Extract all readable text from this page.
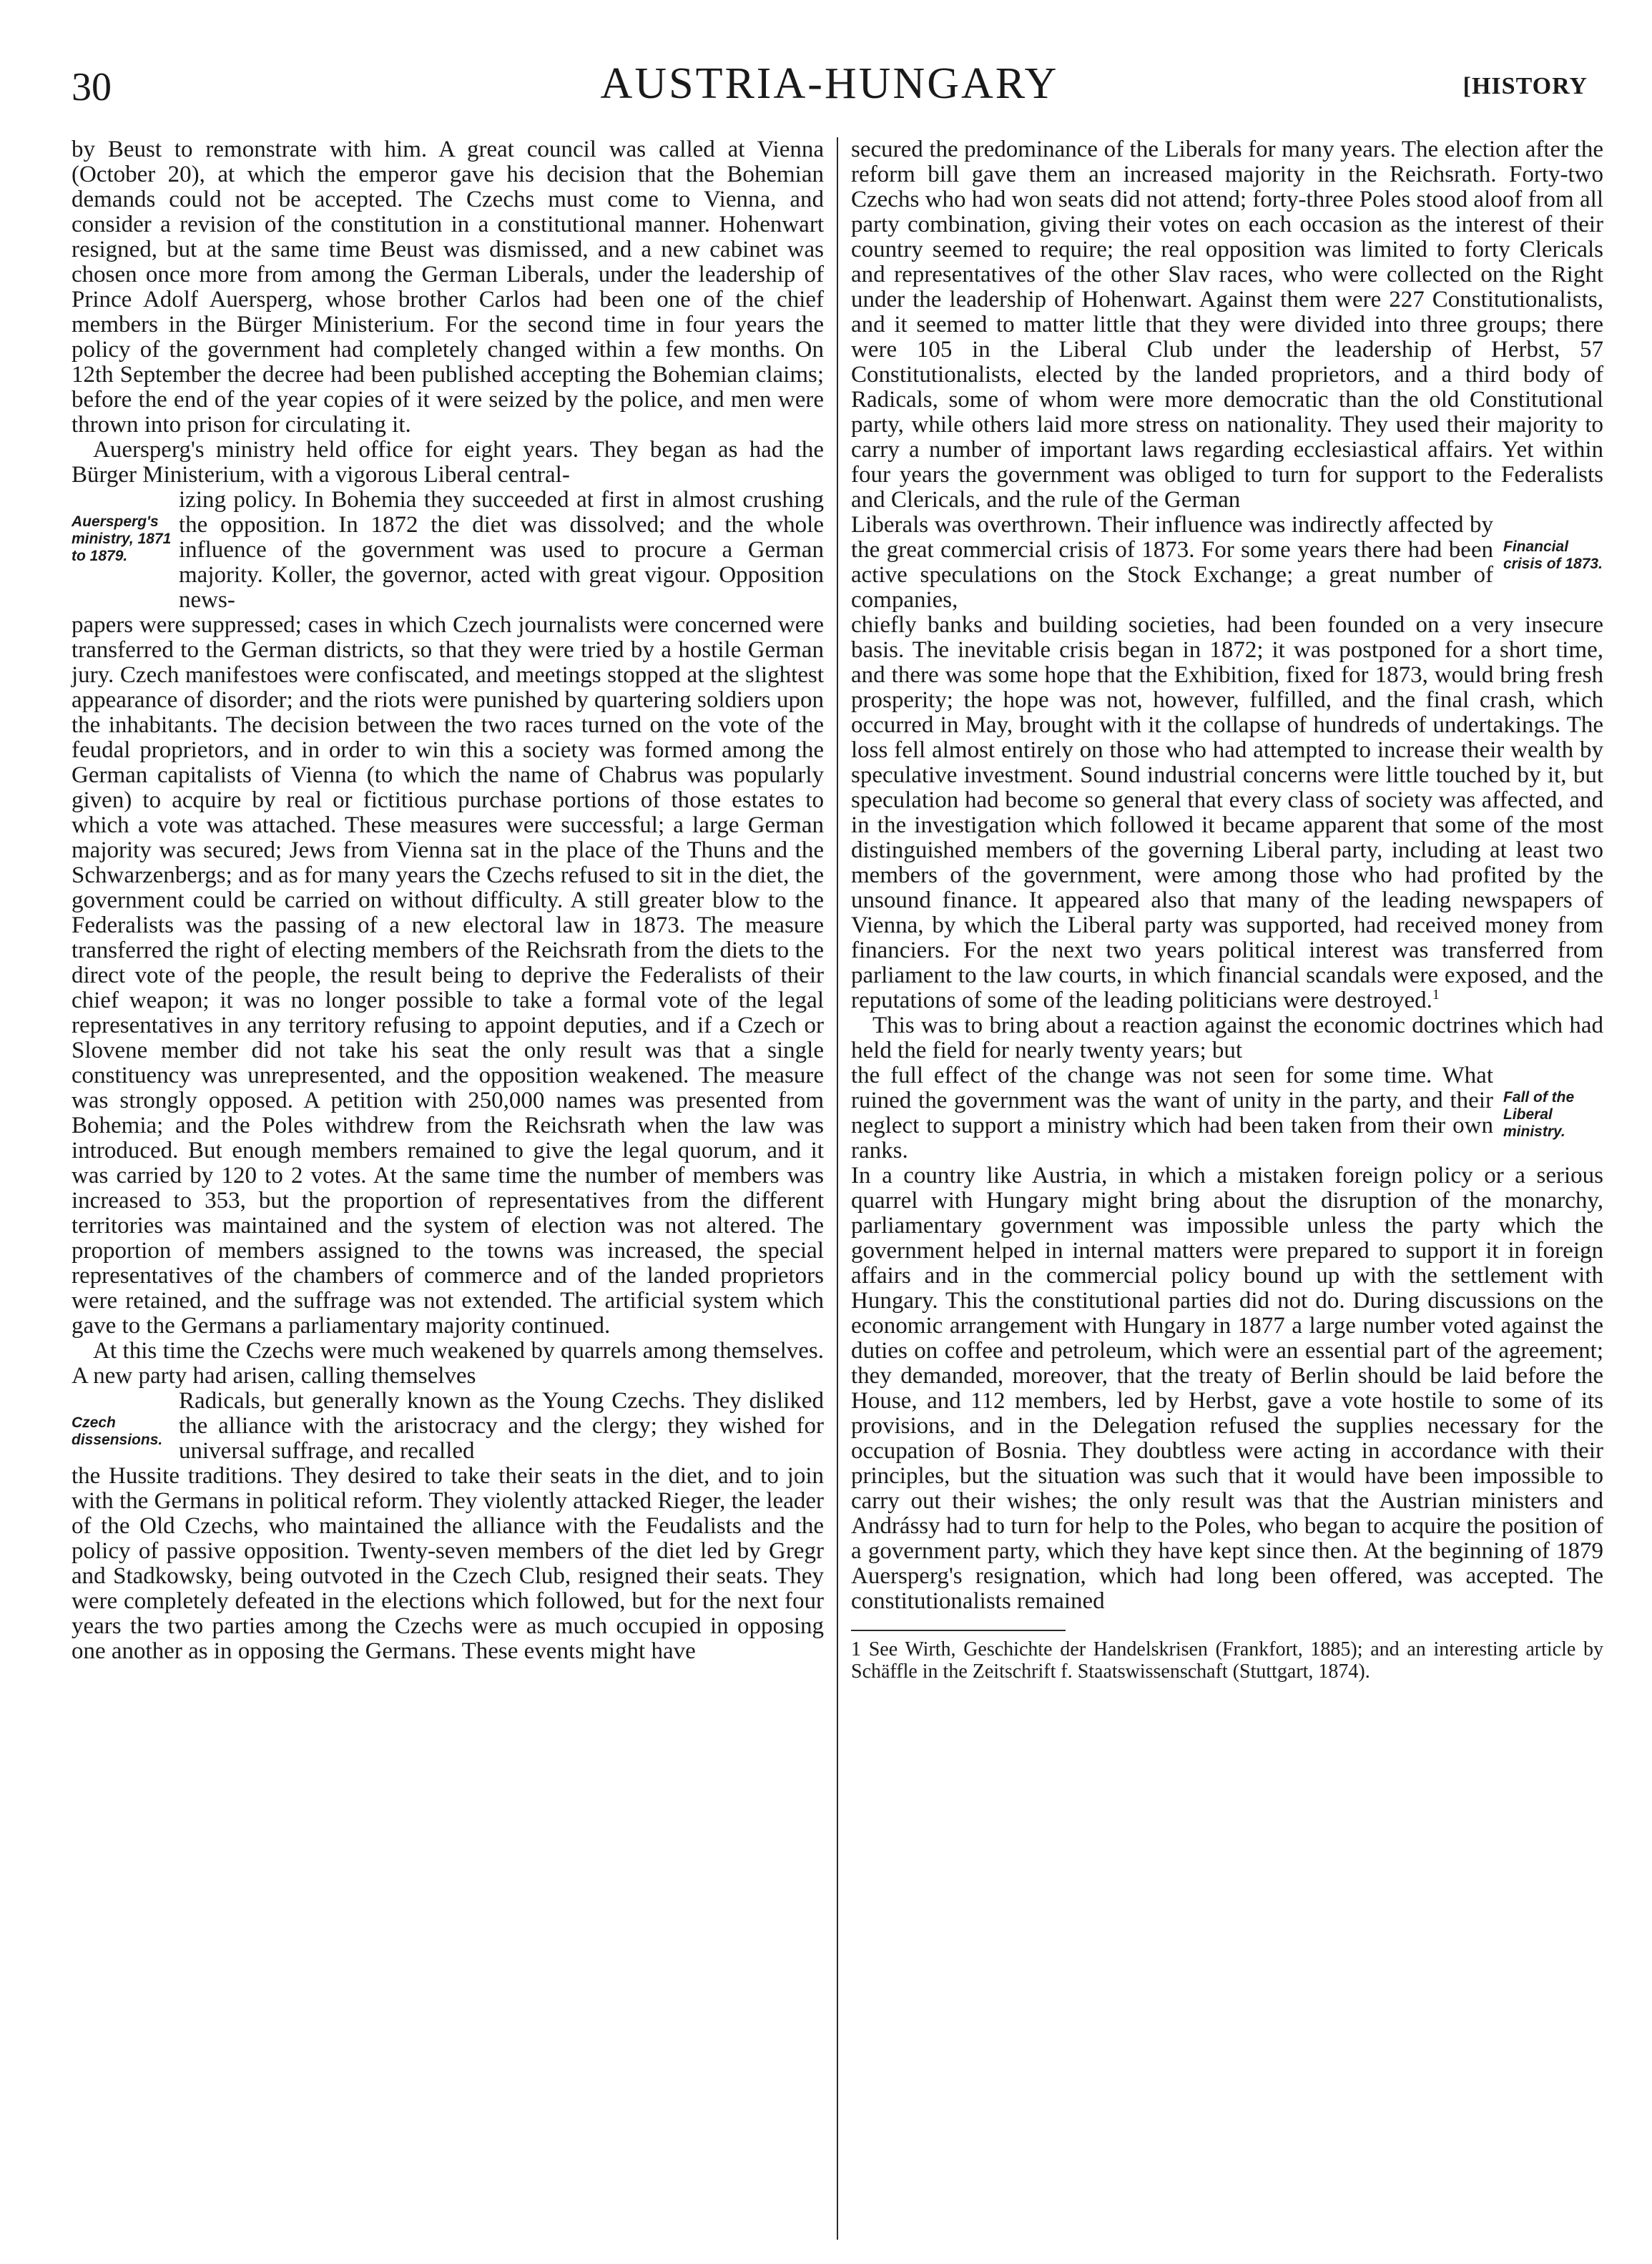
30	AUSTRIA-HUNGARY	[HISTORY

by Beust to remonstrate with him. A great council was called at Vienna (October 20), at which the emperor gave his decision that the Bohemian demands could not be accepted. The Czechs must come to Vienna, and consider a revision of the constitution in a constitutional manner. Hohenwart resigned, but at the same time Beust was dismissed, and a new cabinet was chosen once more from among the German Liberals, under the leadership of Prince Adolf Auersperg, whose brother Carlos had been one of the chief members in the Bürger Ministerium. For the second time in four years the policy of the government had completely changed within a few months. On 12th September the decree had been published accepting the Bohemian claims; before the end of the year copies of it were seized by the police, and men were thrown into prison for circulating it.

Auersperg's ministry held office for eight years. They began as had the Bürger Ministerium, with a vigorous Liberal central-

Auersperg's ministry, 1871 to 1879.

izing policy. In Bohemia they succeeded at first in almost crushing the opposition. In 1872 the diet was dissolved; and the whole influence of the government was used to procure a German majority. Koller, the governor, acted with great vigour. Opposition news-

papers were suppressed; cases in which Czech journalists were concerned were transferred to the German districts, so that they were tried by a hostile German jury. Czech manifestoes were confiscated, and meetings stopped at the slightest appearance of disorder; and the riots were punished by quartering soldiers upon the inhabitants. The decision between the two races turned on the vote of the feudal proprietors, and in order to win this a society was formed among the German capitalists of Vienna (to which the name of Chabrus was popularly given) to acquire by real or fictitious purchase portions of those estates to which a vote was attached. These measures were successful; a large German majority was secured; Jews from Vienna sat in the place of the Thuns and the Schwarzenbergs; and as for many years the Czechs refused to sit in the diet, the government could be carried on without difficulty. A still greater blow to the Federalists was the passing of a new electoral law in 1873. The measure transferred the right of electing members of the Reichsrath from the diets to the direct vote of the people, the result being to deprive the Federalists of their chief weapon; it was no longer possible to take a formal vote of the legal representatives in any territory refusing to appoint deputies, and if a Czech or Slovene member did not take his seat the only result was that a single constituency was unrepresented, and the opposition weakened. The measure was strongly opposed. A petition with 250,000 names was presented from Bohemia; and the Poles withdrew from the Reichsrath when the law was introduced. But enough members remained to give the legal quorum, and it was carried by 120 to 2 votes. At the same time the number of members was increased to 353, but the proportion of representatives from the different territories was maintained and the system of election was not altered. The proportion of members assigned to the towns was increased, the special representatives of the chambers of commerce and of the landed proprietors were retained, and the suffrage was not extended. The artificial system which gave to the Germans a parliamentary majority continued.

At this time the Czechs were much weakened by quarrels among themselves. A new party had arisen, calling themselves

Czech dissensions.

Radicals, but generally known as the Young Czechs. They disliked the alliance with the aristocracy and the clergy; they wished for universal suffrage, and recalled

the Hussite traditions. They desired to take their seats in the diet, and to join with the Germans in political reform. They violently attacked Rieger, the leader of the Old Czechs, who maintained the alliance with the Feudalists and the policy of passive opposition. Twenty-seven members of the diet led by Gregr and Stadkowsky, being outvoted in the Czech Club, resigned their seats. They were completely defeated in the elections which followed, but for the next four years the two parties among the Czechs were as much occupied in opposing one another as in opposing the Germans. These events might have

secured the predominance of the Liberals for many years. The election after the reform bill gave them an increased majority in the Reichsrath. Forty-two Czechs who had won seats did not attend; forty-three Poles stood aloof from all party combination, giving their votes on each occasion as the interest of their country seemed to require; the real opposition was limited to forty Clericals and representatives of the other Slav races, who were collected on the Right under the leadership of Hohenwart. Against them were 227 Constitutionalists, and it seemed to matter little that they were divided into three groups; there were 105 in the Liberal Club under the leadership of Herbst, 57 Constitutionalists, elected by the landed proprietors, and a third body of Radicals, some of whom were more democratic than the old Constitutional party, while others laid more stress on nationality. They used their majority to carry a number of important laws regarding ecclesiastical affairs. Yet within four years the government was obliged to turn for support to the Federalists and Clericals, and the rule of the German

Financial crisis of 1873.

Liberals was overthrown. Their influence was indirectly affected by the great commercial crisis of 1873. For some years there had been active speculations on the Stock Exchange; a great number of companies,

chiefly banks and building societies, had been founded on a very insecure basis. The inevitable crisis began in 1872; it was postponed for a short time, and there was some hope that the Exhibition, fixed for 1873, would bring fresh prosperity; the hope was not, however, fulfilled, and the final crash, which occurred in May, brought with it the collapse of hundreds of undertakings. The loss fell almost entirely on those who had attempted to increase their wealth by speculative investment. Sound industrial concerns were little touched by it, but speculation had become so general that every class of society was affected, and in the investigation which followed it became apparent that some of the most distinguished members of the governing Liberal party, including at least two members of the government, were among those who had profited by the unsound finance. It appeared also that many of the leading newspapers of Vienna, by which the Liberal party was supported, had received money from financiers. For the next two years political interest was transferred from parliament to the law courts, in which financial scandals were exposed, and the reputations of some of the leading politicians were destroyed.$^1$

This was to bring about a reaction against the economic doctrines which had held the field for nearly twenty years; but

Fall of the Liberal ministry.

the full effect of the change was not seen for some time. What ruined the government was the want of unity in the party, and their neglect to support a ministry which had been taken from their own ranks.

In a country like Austria, in which a mistaken foreign policy or a serious quarrel with Hungary might bring about the disruption of the monarchy, parliamentary government was impossible unless the party which the government helped in internal matters were prepared to support it in foreign affairs and in the commercial policy bound up with the settlement with Hungary. This the constitutional parties did not do. During discussions on the economic arrangement with Hungary in 1877 a large number voted against the duties on coffee and petroleum, which were an essential part of the agreement; they demanded, moreover, that the treaty of Berlin should be laid before the House, and 112 members, led by Herbst, gave a vote hostile to some of its provisions, and in the Delegation refused the supplies necessary for the occupation of Bosnia. They doubtless were acting in accordance with their principles, but the situation was such that it would have been impossible to carry out their wishes; the only result was that the Austrian ministers and Andrássy had to turn for help to the Poles, who began to acquire the position of a government party, which they have kept since then. At the beginning of 1879 Auersperg's resignation, which had long been offered, was accepted. The constitutionalists remained

1 See Wirth, Geschichte der Handelskrisen (Frankfort, 1885); and an interesting article by Schäffle in the Zeitschrift f. Staatswissenschaft (Stuttgart, 1874).
